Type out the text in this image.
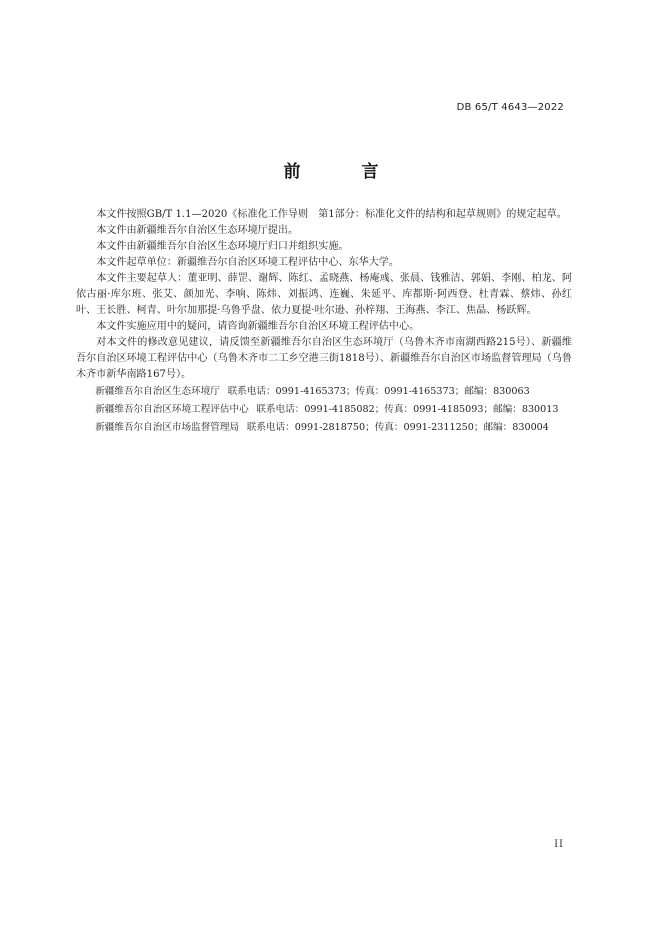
DB 65/T 4643—2022
前　言

本文件按照GB/T 1.1—2020《标准化工作导则　第1部分：标准化文件的结构和起草规则》的规定起草。

本文件由新疆维吾尔自治区生态环境厅提出。

本文件由新疆维吾尔自治区生态环境厅归口并组织实施。

本文件起草单位：新疆维吾尔自治区环境工程评估中心、东华大学。

本文件主要起草人：董亚明、薛罡、谢辉、陈红、孟晓燕、杨庵彧、张晨、钱雅洁、郭娟、李刚、柏龙、阿依古丽·库尔班、张艾、颜加光、李响、陈炜、刘振鸿、连巍、朱延平、库都斯·阿西登、杜青霖、蔡炜、孙红叶、王长胜、柯青、叶尔加那提·乌鲁乎盘、依力夏提·吐尔逊、孙梓翔、王海燕、李江、焦晶、杨跃辉。

本文件实施应用中的疑问，请咨询新疆维吾尔自治区环境工程评估中心。

对本文件的修改意见建议，请反馈至新疆维吾尔自治区生态环境厅（乌鲁木齐市南湖西路215号）、新疆维吾尔自治区环境工程评估中心（乌鲁木齐市二工乡空港三街1818号）、新疆维吾尔自治区市场监督管理局（乌鲁木齐市新华南路167号）。

新疆维吾尔自治区生态环境厅 联系电话：0991-4165373；传真：0991-4165373；邮编：830063
新疆维吾尔自治区环境工程评估中心 联系电话：0991-4185082；传真：0991-4185093；邮编：830013
新疆维吾尔自治区市场监督管理局 联系电话：0991-2818750；传真：0991-2311250；邮编：830004
II
